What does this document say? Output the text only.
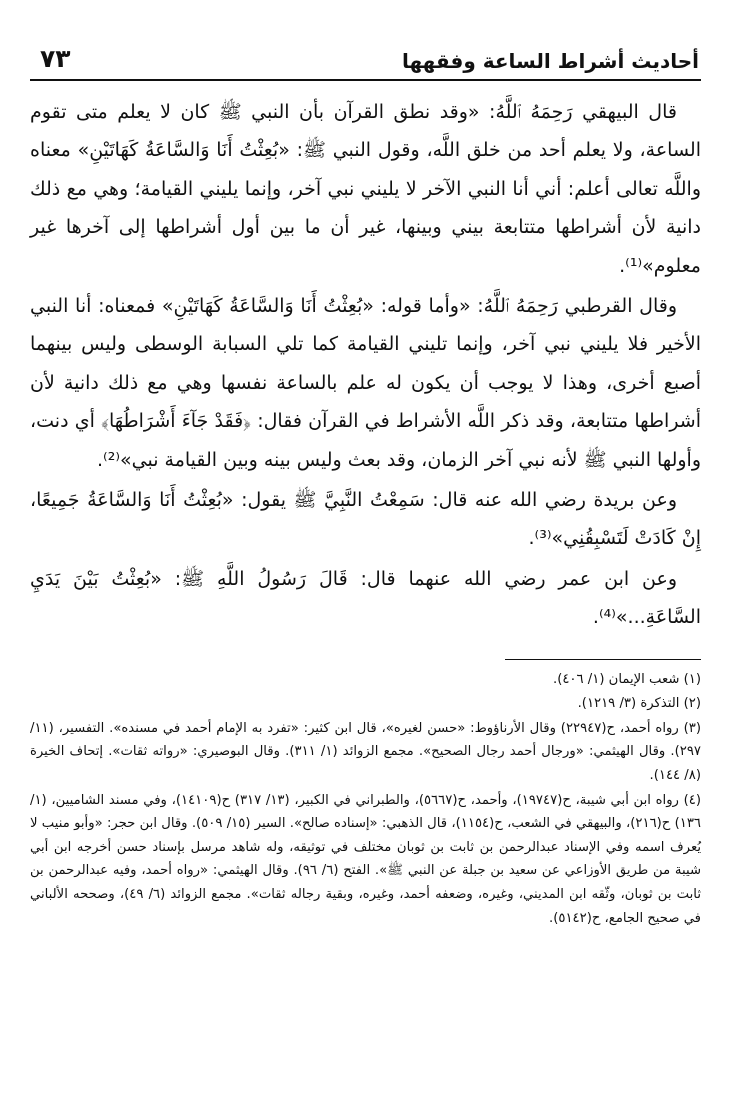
أحاديث أشراط الساعة وفقهها
٧٣

قال البيهقي رَحِمَهُ ٱللَّهُ: «وقد نطق القرآن بأن النبي ﷺ كان لا يعلم متى تقوم الساعة، ولا يعلم أحد من خلق اللَّه، وقول النبي ﷺ: «بُعِثْتُ أَنَا وَالسَّاعَةُ كَهَاتَيْنِ» معناه واللَّه تعالى أعلم: أني أنا النبي الآخر لا يليني نبي آخر، وإنما يليني القيامة؛ وهي مع ذلك دانية لأن أشراطها متتابعة بيني وبينها، غير أن ما بين أول أشراطها إلى آخرها غير معلوم»⁽¹⁾.

وقال القرطبي رَحِمَهُ ٱللَّهُ: «وأما قوله: «بُعِثْتُ أَنَا وَالسَّاعَةُ كَهَاتَيْنِ» فمعناه: أنا النبي الأخير فلا يليني نبي آخر، وإنما تليني القيامة كما تلي السبابة الوسطى وليس بينهما أصبع أخرى، وهذا لا يوجب أن يكون له علم بالساعة نفسها وهي مع ذلك دانية لأن أشراطها متتابعة، وقد ذكر اللَّه الأشراط في القرآن فقال: ﴿فَقَدْ جَآءَ أَشْرَاطُهَا﴾ أي دنت، وأولها النبي ﷺ لأنه نبي آخر الزمان، وقد بعث وليس بينه وبين القيامة نبي»⁽²⁾.

وعن بريدة رضي الله عنه قال: سَمِعْتُ النَّبِيَّ ﷺ يقول: «بُعِثْتُ أَنَا وَالسَّاعَةُ جَمِيعًا، إِنْ كَادَتْ لَتَسْبِقُنِي»⁽³⁾.

وعن ابن عمر رضي الله عنهما قال: قَالَ رَسُولُ اللَّهِ ﷺ: «بُعِثْتُ بَيْنَ يَدَيِ السَّاعَةِ...»⁽⁴⁾.

(١) شعب الإيمان (١/ ٤٠٦).

(٢) التذكرة (٣/ ١٢١٩).

(٣) رواه أحمد، ح(٢٢٩٤٧) وقال الأرناؤوط: «حسن لغيره»، قال ابن كثير: «تفرد به الإمام أحمد في مسنده». التفسير، (١١/ ٢٩٧). وقال الهيثمي: «ورجال أحمد رجال الصحيح». مجمع الزوائد (١/ ٣١١). وقال البوصيري: «رواته ثقات». إتحاف الخيرة (٨/ ١٤٤).

(٤) رواه ابن أبي شيبة، ح(١٩٧٤٧)، وأحمد، ح(٥٦٦٧)، والطبراني في الكبير، (١٣/ ٣١٧) ح(١٤١٠٩)، وفي مسند الشاميين، (١/ ١٣٦) ح(٢١٦)، والبيهقي في الشعب، ح(١١٥٤)، قال الذهبي: «إسناده صالح». السير (١٥/ ٥٠٩). وقال ابن حجر: «وأبو منيب لا يُعرف اسمه وفي الإسناد عبدالرحمن بن ثابت بن ثوبان مختلف في توثيقه، وله شاهد مرسل بإسناد حسن أخرجه ابن أبي شيبة من طريق الأوزاعي عن سعيد بن جبلة عن النبي ﷺ». الفتح (٦/ ٩٦). وقال الهيثمي: «رواه أحمد، وفيه عبدالرحمن بن ثابت بن ثوبان، وثّقه ابن المديني، وغيره، وضعفه أحمد، وغيره، وبقية رجاله ثقات». مجمع الزوائد (٦/ ٤٩)، وصححه الألباني في صحيح الجامع، ح(٥١٤٢).
